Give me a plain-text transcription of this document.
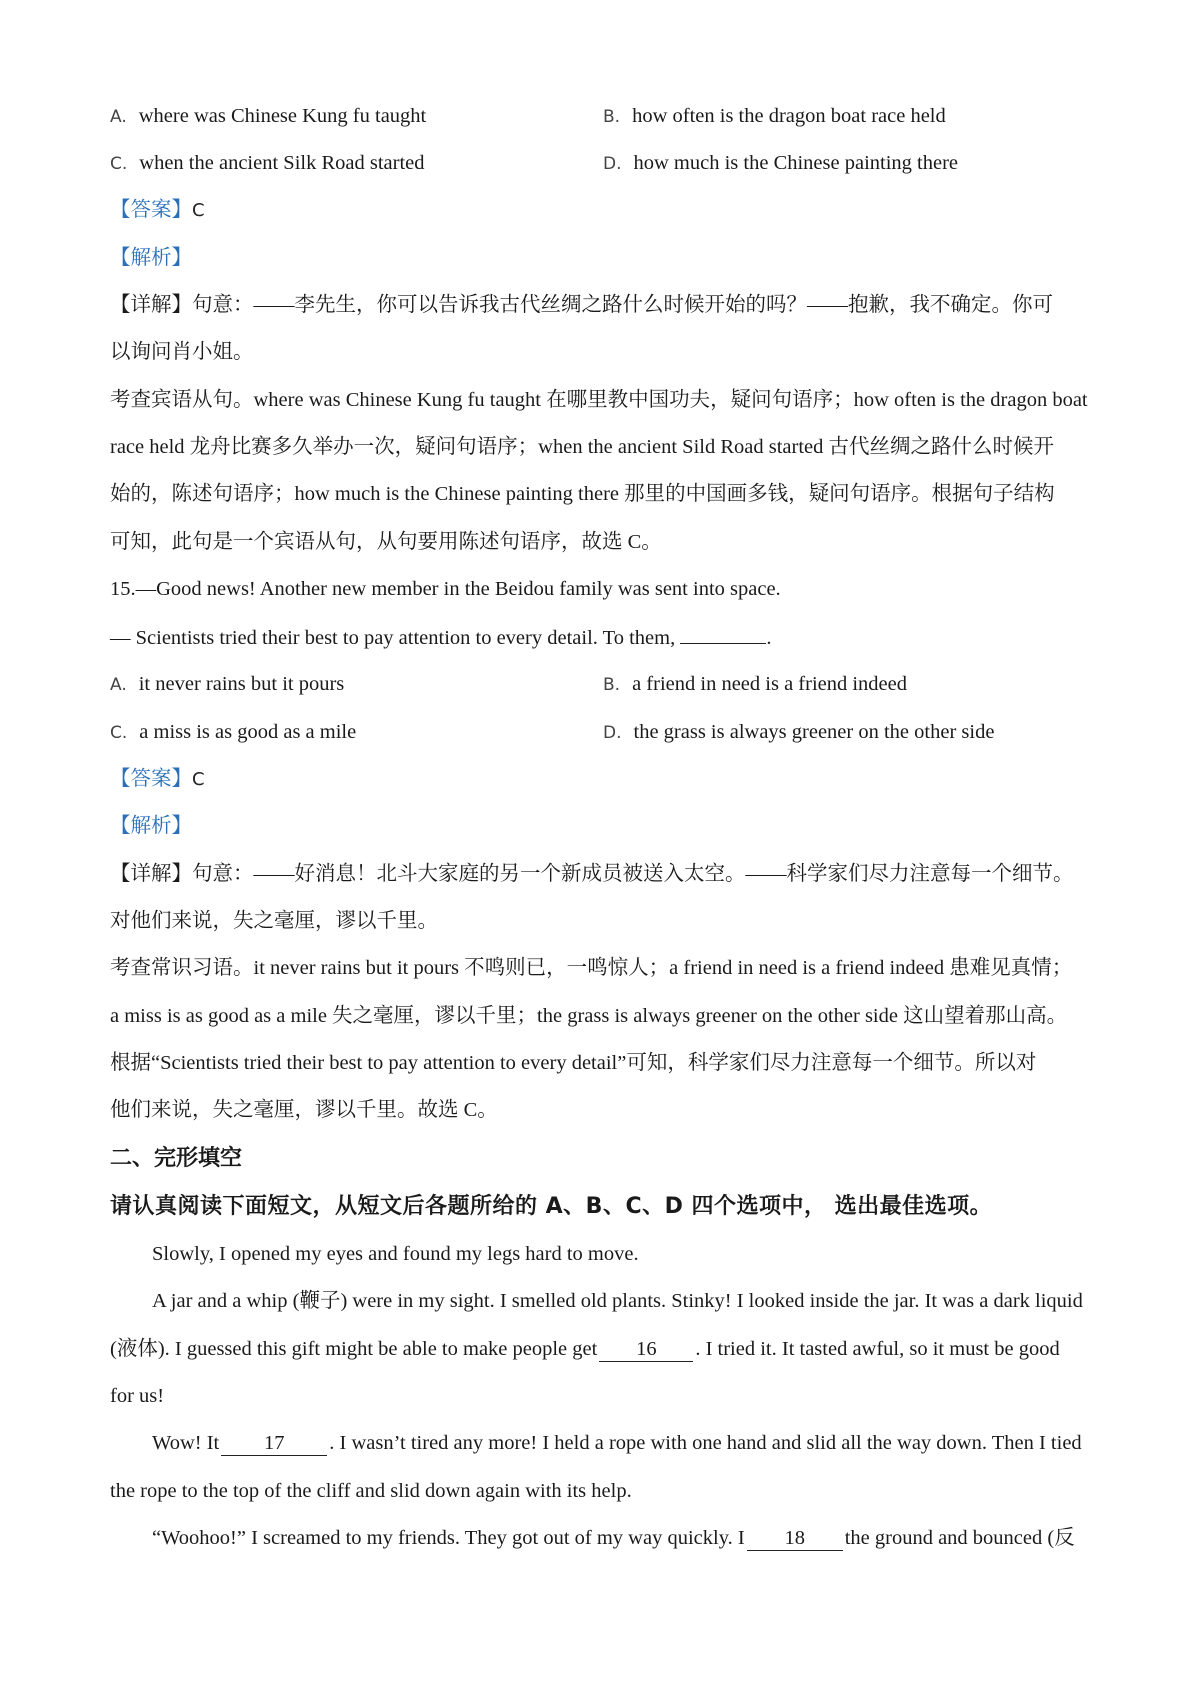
A. where was Chinese Kung fu taught	B. how often is the dragon boat race held
C. when the ancient Silk Road started	D. how much is the Chinese painting there
【答案】C
【解析】
【详解】句意：——李先生，你可以告诉我古代丝绸之路什么时候开始的吗？——抱歉，我不确定。你可
以询问肖小姐。
考查宾语从句。where was Chinese Kung fu taught 在哪里教中国功夫，疑问句语序；how often is the dragon boat
race held 龙舟比赛多久举办一次，疑问句语序；when the ancient Sild Road started 古代丝绸之路什么时候开
始的，陈述句语序；how much is the Chinese painting there 那里的中国画多钱，疑问句语序。根据句子结构
可知，此句是一个宾语从句，从句要用陈述句语序，故选 C。
15.—Good news! Another new member in the Beidou family was sent into space.
— Scientists tried their best to pay attention to every detail. To them,	.
A. it never rains but it pours	B. a friend in need is a friend indeed
C. a miss is as good as a mile	D. the grass is always greener on the other side
【答案】C
【解析】
【详解】句意：——好消息！北斗大家庭的另一个新成员被送入太空。——科学家们尽力注意每一个细节。
对他们来说，失之毫厘，谬以千里。
考查常识习语。it never rains but it pours 不鸣则已，一鸣惊人；a friend in need is a friend indeed 患难见真情；
a miss is as good as a mile 失之毫厘，谬以千里；the grass is always greener on the other side 这山望着那山高。
根据“Scientists tried their best to pay attention to every detail”可知，科学家们尽力注意每一个细节。所以对
他们来说，失之毫厘，谬以千里。故选 C。
二、完形填空
请认真阅读下面短文，从短文后各题所给的 A、B、C、D 四个选项中， 选出最佳选项。
Slowly, I opened my eyes and found my legs hard to move.
A jar and a whip (鞭子) were in my sight. I smelled old plants. Stinky! I looked inside the jar. It was a dark liquid
(液体). I guessed this gift might be able to make people get 16 . I tried it. It tasted awful, so it must be good
for us!
Wow! It 17 . I wasn’t tired any more! I held a rope with one hand and slid all the way down. Then I tied
the rope to the top of the cliff and slid down again with its help.
“Woohoo!” I screamed to my friends. They got out of my way quickly. I 18 the ground and bounced (反
